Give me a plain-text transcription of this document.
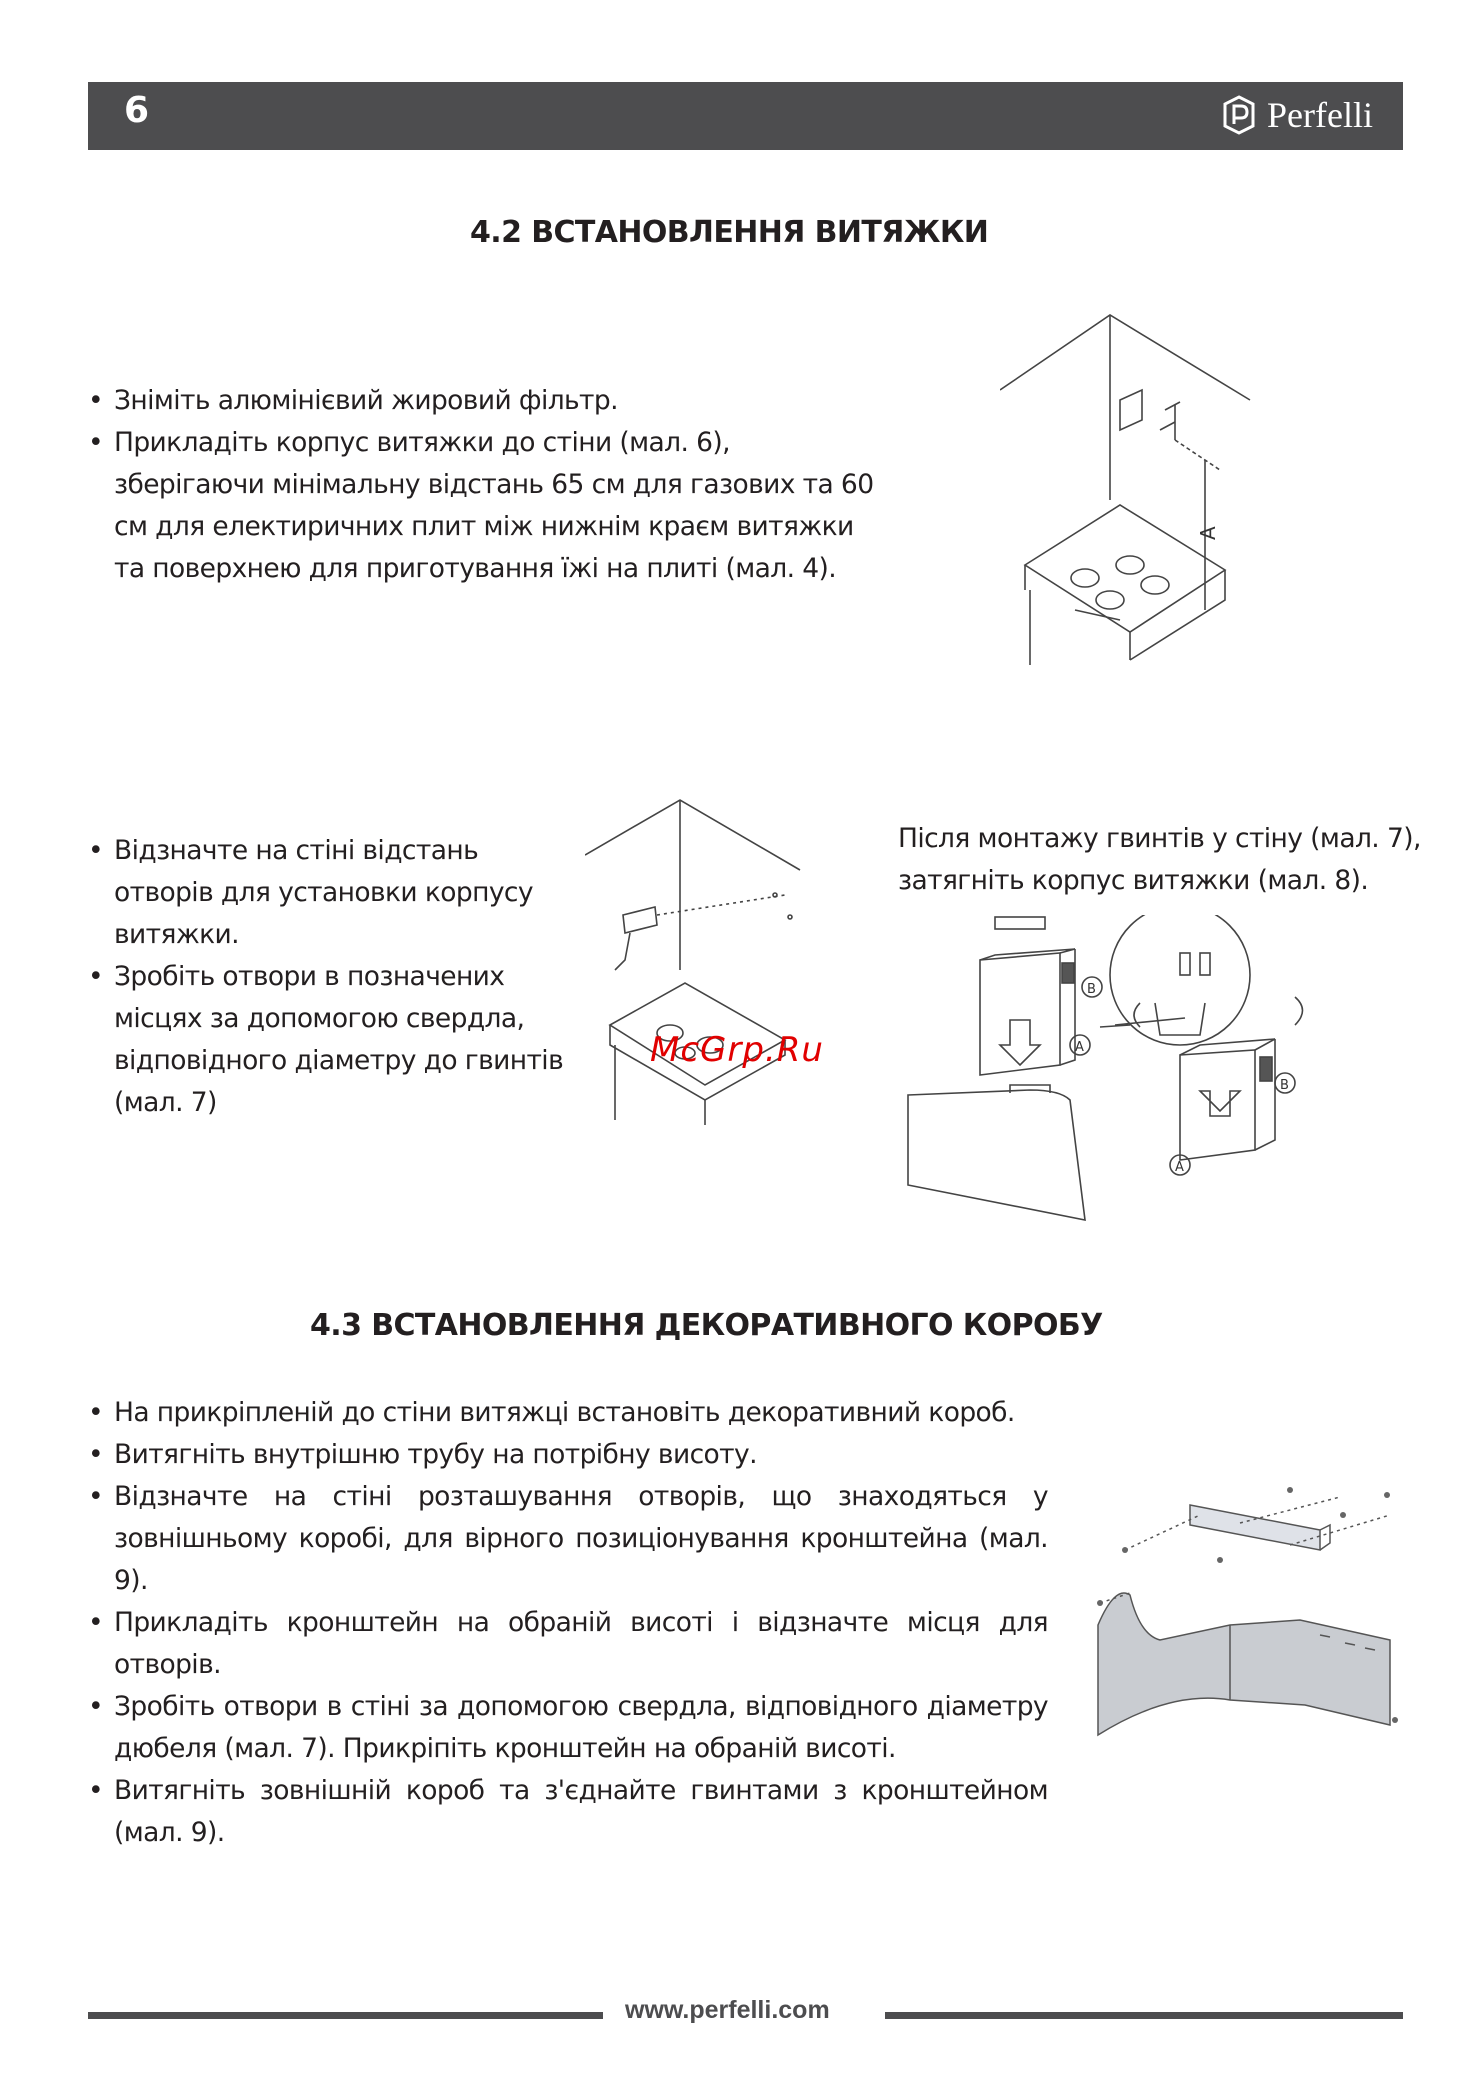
6	Perfelli
4.2 ВСТАНОВЛЕННЯ ВИТЯЖКИ
• Зніміть алюмінієвий жировий фільтр.
• Прикладіть корпус витяжки до стіни (мал. 6), зберігаючи мінімальну відстань 65 см для газових та 60 см для електиричних плит між нижнім краєм витяжки та поверхнею для приготування їжі на плиті (мал. 4).
A
• Відзначте на стіні відстань отворів для установки корпусу витяжки.
• Зробіть отвори в позначених місцях за допомогою свердла, відповідного діаметру до гвинтів (мал. 7)
McGrp.Ru
Після монтажу гвинтів у стіну (мал. 7), затягніть корпус витяжки (мал. 8).
B
A
B
A
4.3 ВСТАНОВЛЕННЯ ДЕКОРАТИВНОГО КОРОБУ
• На прикріпленій до стіни витяжці встановіть декоративний короб.
• Витягніть внутрішню трубу на потрібну висоту.
• Відзначте на стіні розташування отворів, що знаходяться у зовнішньому коробі, для вірного позиціонування кронштейна (мал. 9).
• Прикладіть кронштейн на обраній висоті і відзначте місця для отворів.
• Зробіть отвори в стіні за допомогою свердла, відповідного діаметру дюбеля (мал. 7). Прикріпіть кронштейн на обраній висоті.
• Витягніть зовнішній короб та з'єднайте гвинтами з кронштейном (мал. 9).
www.perfelli.com
